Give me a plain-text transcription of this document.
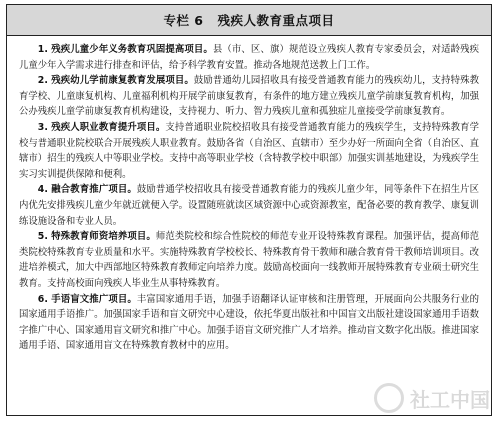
专栏 6 残疾人教育重点项目

1. 残疾儿童少年义务教育巩固提高项目。县（市、区、旗）规范设立残疾人教育专家委员会，对适龄残疾儿童少年入学需求进行排查和评估，给予科学教育安置。推动各地规范送教上门工作。

2. 残疾幼儿学前康复教育发展项目。鼓励普通幼儿园招收具有接受普通教育能力的残疾幼儿，支持特殊教育学校、儿童康复机构、儿童福利机构开展学前康复教育，有条件的地方建立残疾儿童学前康复教育机构，加强公办残疾儿童学前康复教育机构建设，支持视力、听力、智力残疾儿童和孤独症儿童接受学前康复教育。

3. 残疾人职业教育提升项目。支持普通职业院校招收具有接受普通教育能力的残疾学生，支持特殊教育学校与普通职业院校联合开展残疾人职业教育。鼓励各省（自治区、直辖市）至少办好一所面向全省（自治区、直辖市）招生的残疾人中等职业学校。支持中高等职业学校（含特教学校中职部）加强实训基地建设，为残疾学生实习实训提供保障和便利。

4. 融合教育推广项目。鼓励普通学校招收具有接受普通教育能力的残疾儿童少年，同等条件下在招生片区内优先安排残疾儿童少年就近就便入学。设置随班就读区域资源中心或资源教室，配备必要的教育教学、康复训练设施设备和专业人员。

5. 特殊教育师资培养项目。师范类院校和综合性院校的师范专业开设特殊教育课程。加强评估，提高师范类院校特殊教育专业质量和水平。实施特殊教育学校校长、特殊教育骨干教师和融合教育骨干教师培训项目。改进培养模式，加大中西部地区特殊教育教师定向培养力度。鼓励高校面向一线教师开展特殊教育专业硕士研究生教育。支持高校面向残疾人毕业生从事特殊教育。

6. 手语盲文推广项目。丰富国家通用手语，加强手语翻译认证审核和注册管理，开展面向公共服务行业的国家通用手语推广。加强国家手语和盲文研究中心建设，依托华夏出版社和中国盲文出版社建设国家通用手语数字推广中心、国家通用盲文研究和推广中心。加强手语盲文研究推广人才培养。推动盲文数字化出版。推进国家通用手语、国家通用盲文在特殊教育教材中的应用。

社工中国
